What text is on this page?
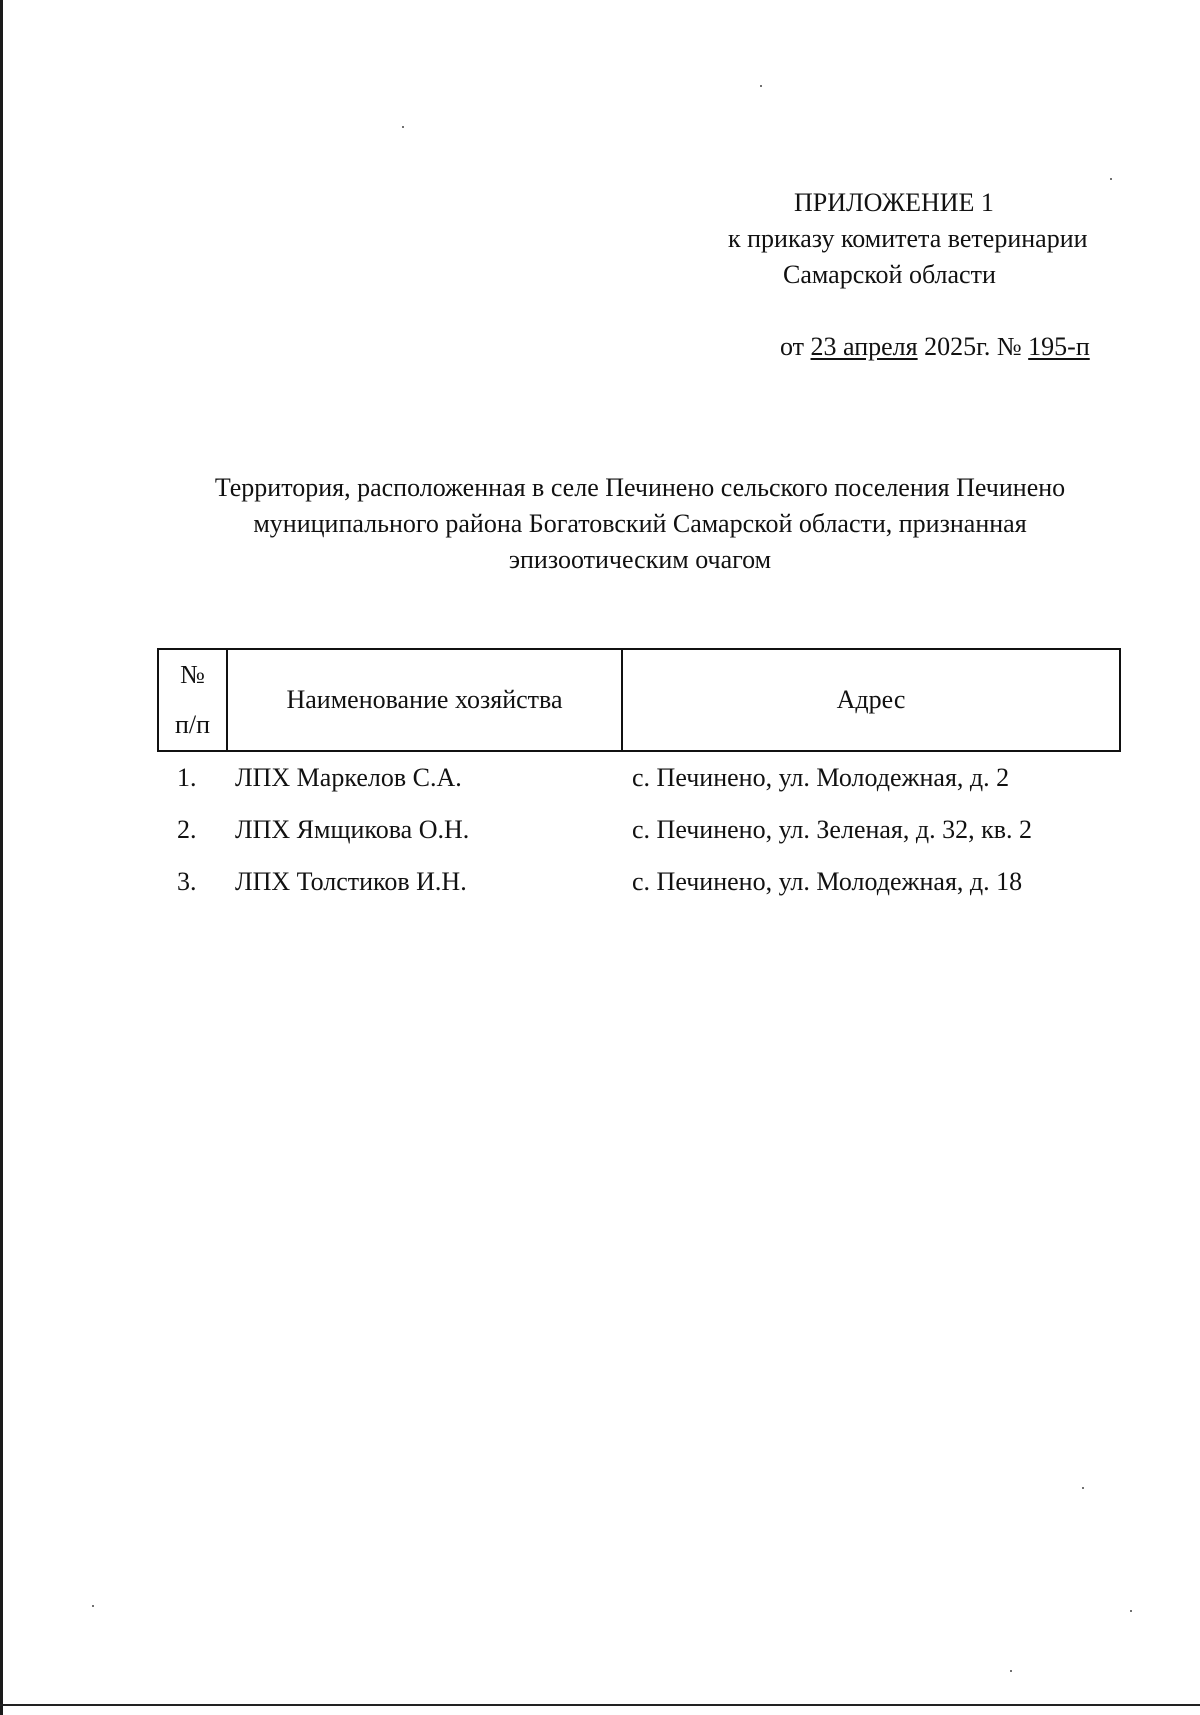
ПРИЛОЖЕНИЕ 1
к приказу комитета ветеринарии
Самарской области
от 23 апреля 2025г. № 195-п
Территория, расположенная в селе Печинено сельского поселения Печинено
муниципального района Богатовский Самарской области, признанная
эпизоотическим очагом
№
п/п	Наименование хозяйства	Адрес
1.	ЛПХ Маркелов С.А.	с. Печинено, ул. Молодежная, д. 2
2.	ЛПХ Ямщикова О.Н.	с. Печинено, ул. Зеленая, д. 32, кв. 2
3.	ЛПХ Толстиков И.Н.	с. Печинено, ул. Молодежная, д. 18
